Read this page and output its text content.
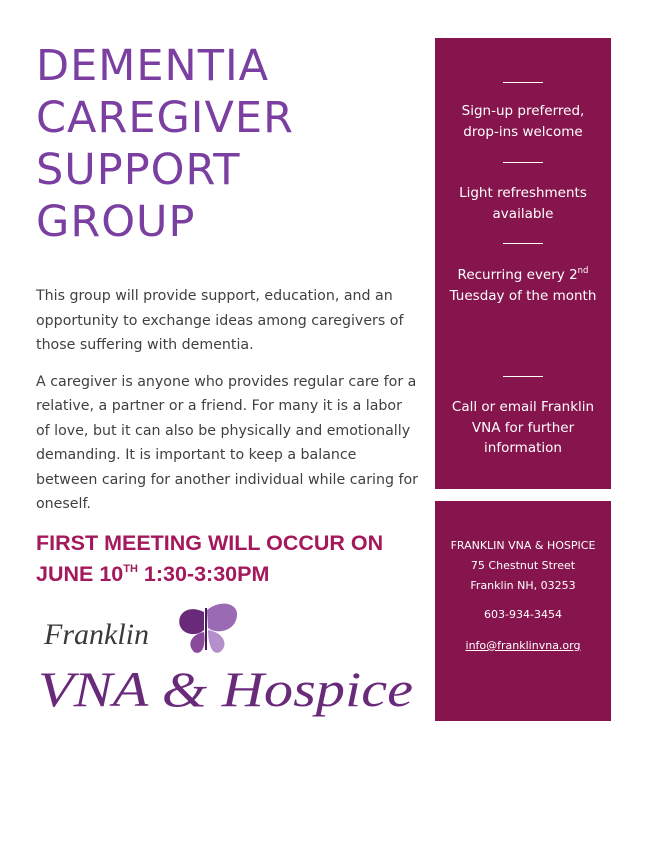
DEMENTIA
CAREGIVER
SUPPORT
GROUP

This group will provide support, education, and an opportunity to exchange ideas among caregivers of those suffering with dementia.

A caregiver is anyone who provides regular care for a relative, a partner or a friend. For many it is a labor of love, but it can also be physically and emotionally demanding. It is important to keep a balance between caring for another individual while caring for oneself.

FIRST MEETING WILL OCCUR ON
JUNE 10TH 1:30-3:30PM
Franklin
VNA & Hospice
Sign-up preferred, drop-ins welcome
Light refreshments available
Recurring every 2nd
Tuesday of the month
Call or email Franklin VNA for further information
FRANKLIN VNA & HOSPICE
75 Chestnut Street
Franklin NH, 03253
603-934-3454
info@franklinvna.org
